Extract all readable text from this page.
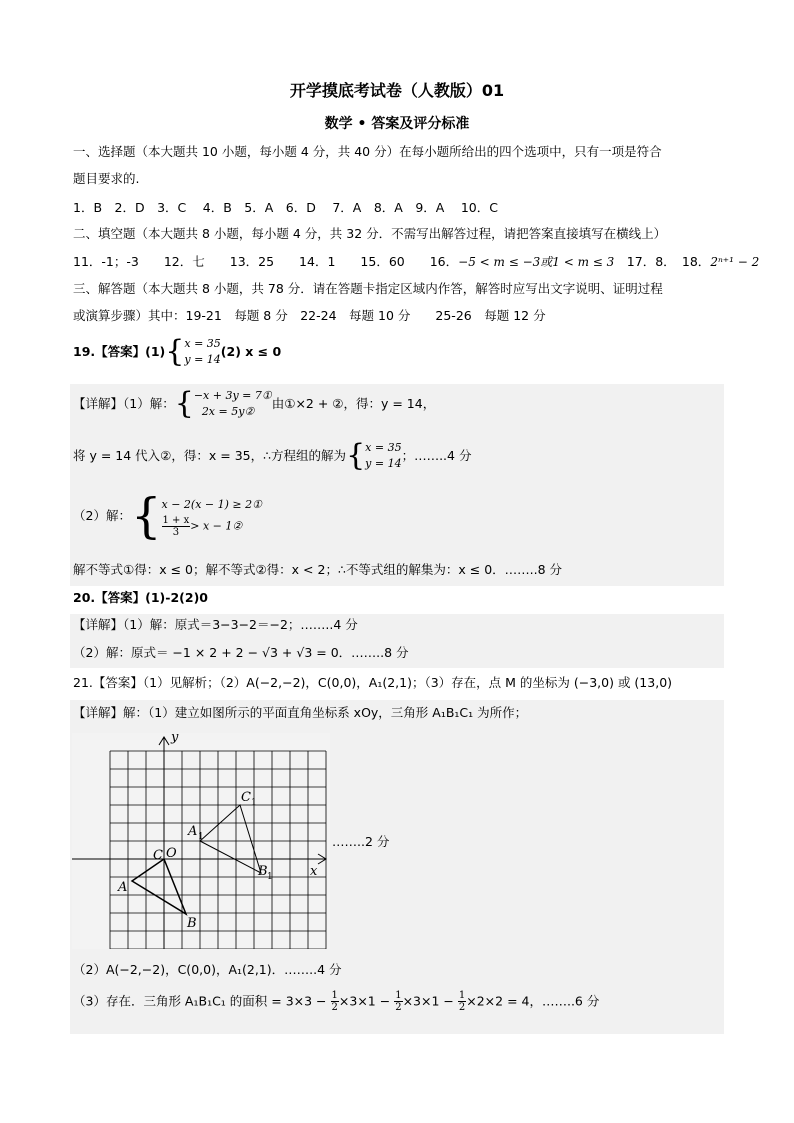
开学摸底考试卷（人教版）01
数学 • 答案及评分标准
一、选择题（本大题共 10 小题，每小题 4 分，共 40 分）在每小题所给出的四个选项中，只有一项是符合
题目要求的.
1．B　2．D　3．C　 4．B　5．A　6．D　 7．A　8．A　9．A　 10．C
二、填空题（本大题共 8 小题，每小题 4 分，共 32 分．不需写出解答过程，请把答案直接填写在横线上）
11．-1；-3　　12．七　　13．25　　14．1　　15．60　　16．−5 < m ≤ −3或1 < m ≤ 3　17．8．　18．2ⁿ⁺¹ − 2
三、解答题（本大题共 8 小题，共 78 分．请在答题卡指定区域内作答，解答时应写出文字说明、证明过程
或演算步骤）其中：19-21　每题 8 分　22-24　每题 10 分　　25-26　每题 12 分
19.【答案】(1){ x = 35
y = 14
(2) x ≤ 0
【详解】（1）解：{ −x + 3y = 7①
2x = 5y②
由①×2 + ②，得：y = 14，
将 y = 14 代入②，得：x = 35，∴方程组的解为{ x = 35
y = 14
；……..4 分
（2）解：{ x − 2(x − 1) ≥ 2①
$\frac{1 + x}{3} > x$ − 1②
解不等式①得：x ≤ 0；解不等式②得：x < 2；∴不等式组的解集为：x ≤ 0．……..8 分
20.【答案】(1)-2(2)0
【详解】（1）解：原式＝3−3−2＝−2；……..4 分
（2）解：原式＝ −1 × 2 + 2 − √3 + √3 = 0．……..8 分
21.【答案】（1）见解析；（2）A(−2,−2)，C(0,0)，A₁(2,1)；（3）存在，点 M 的坐标为 (−3,0) 或 (13,0)
【详解】解：（1）建立如图所示的平面直角坐标系 xOy，三角形 A₁B₁C₁ 为所作；
x
y
O
C
A
B
A 1
B 1
C 1
……..2 分
（2）A(−2,−2)，C(0,0)，A₁(2,1)．……..4 分
（3）存在．三角形 A₁B₁C₁ 的面积 = $3\times 3 - \frac{1}{2} \times 3\times 1 - \frac{1}{2} \times 3\times 1 - \frac{1}{2} \times 2\times 2 = 4$，……..6 分
